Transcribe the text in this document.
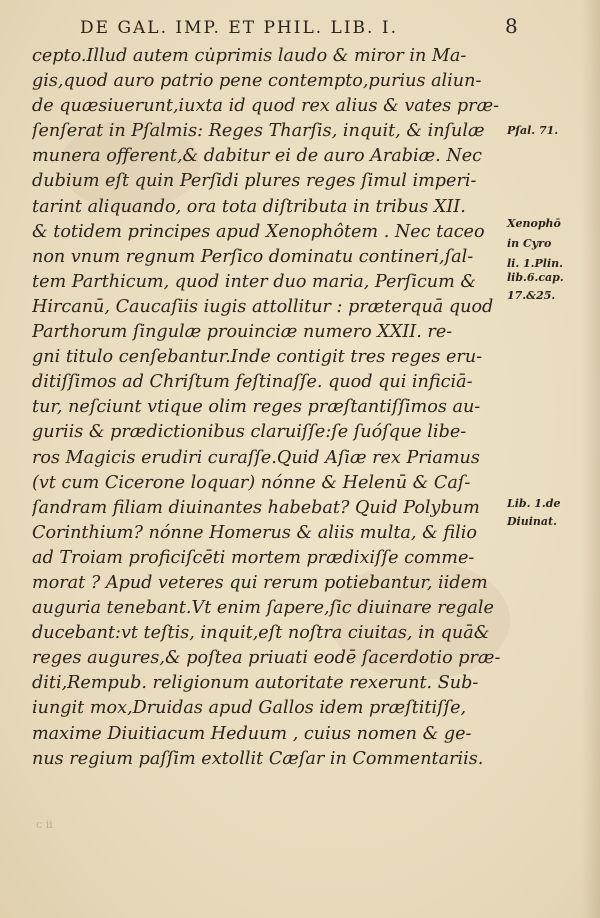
DE GAL. IMP. ET PHIL. LIB. I.	8
cepto.Illud autem cu̇primis laudo & miror in Ma-
gis,quod auro patrio pene contempto,purius aliun-
de quæsiuerunt,iuxta id quod rex alius & vates præ-
ſenſerat in Pſalmis: Reges Tharſis, inquit, & inſulæ
munera offerent,& dabitur ei de auro Arabiæ. Nec
dubium eſt quin Perſidi plures reges ſimul imperi-
tarint aliquando, ora tota diſtributa in tribus XII.
& totidem principes apud Xenophôtem . Nec taceo
non vnum regnum Perſico dominatu contineri,ſal-
tem Parthicum, quod inter duo maria, Perſicum &
Hircanū, Caucaſiis iugis attollitur : præterquā quod
Parthorum ſingulæ prouinciæ numero XXII. re-
gni titulo cenſebantur.Inde contigit tres reges eru-
ditiſſimos ad Chriſtum feſtinaſſe. quod qui inficiā-
tur, neſciunt vtique olim reges præſtantiſſimos au-
guriis & prædictionibus claruiſſe:ſe ſuóſque libe-
ros Magicis erudiri curaſſe.Quid Aſiæ rex Priamus
(vt cum Cicerone loquar) nónne & Helenū & Caſ-
ſandram filiam diuinantes habebat? Quid Polybum
Corinthium? nónne Homerus & aliis multa, & filio
ad Troiam proficiſcēti mortem prædixiſſe comme-
morat ? Apud veteres qui rerum potiebantur, iidem
auguria tenebant.Vt enim ſapere,ſic diuinare regale
ducebant:vt teſtis, inquit,eſt noſtra ciuitas, in quā&
reges augures,& poſtea priuati eodē ſacerdotio præ-
diti,Rempub. religionum autoritate rexerunt. Sub-
iungit mox,Druidas apud Gallos idem præſtitiſſe,
maxime Diuitiacum Heduum , cuius nomen & ge-
nus regium paſſim extollit Cæſar in Commentariis.
Pſal. 71.
Xenophō
in Cyro
li. 1.Plin.
lib.6.cap.
17.&25.
Lib. 1.de
Diuinat.
c ii
